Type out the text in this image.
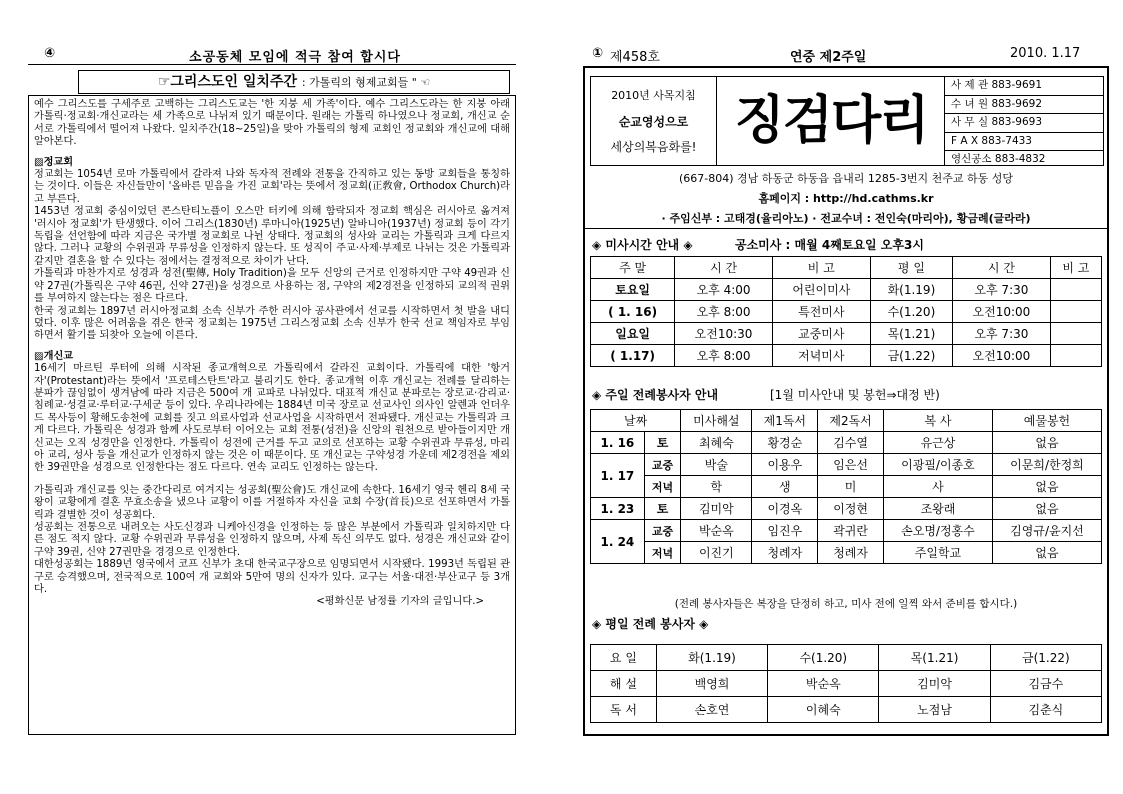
④	소공동체 모임에 적극 참여 합시다
☞그리스도인 일치주간 : 가톨릭의 형제교회들 " ☜

예수 그리스도를 구세주로 고백하는 그리스도교는 '한 지붕 세 가족'이다. 예수 그리스도라는 한 지붕 아래 가톨릭·정교회·개신교라는 세 가족으로 나뉘져 있기 때문이다. 원래는 가톨릭 하나였으나 정교회, 개신교 순서로 가톨릭에서 떨어져 나왔다. 일치주간(18~25일)을 맞아 가톨릭의 형제 교회인 정교회와 개신교에 대해 알아본다.

▨정교회

정교회는 1054년 로마 가톨릭에서 갈라져 나와 독자적 전례와 전통을 간직하고 있는 동방 교회들을 통칭하는 것이다. 이들은 자신들만이 '올바른 믿음을 가진 교회'라는 뜻에서 정교회(正敎會, Orthodox Church)라고 부른다.

1453년 정교회 중심이었던 콘스탄티노플이 오스만 터키에 의해 함락되자 정교회 핵심은 러시아로 옮겨져 '러시아 정교회'가 탄생했다. 이어 그리스(1830년) 루마니아(1925년) 알바니아(1937년) 정교회 등이 각기 독립을 선언함에 따라 지금은 국가별 정교회로 나뉜 상태다. 정교회의 성사와 교리는 가톨릭과 크게 다르지 않다. 그러나 교황의 수위권과 무류성을 인정하지 않는다. 또 성직이 주교·사제·부제로 나뉘는 것은 가톨릭과 같지만 결혼을 할 수 있다는 점에서는 결정적으로 차이가 난다.

가톨릭과 마찬가지로 성경과 성전(聖傳, Holy Tradition)을 모두 신앙의 근거로 인정하지만 구약 49권과 신약 27권(가톨릭은 구약 46권, 신약 27권)을 성경으로 사용하는 점, 구약의 제2경전을 인정하되 교의적 권위를 부여하지 않는다는 점은 다르다.

한국 정교회는 1897년 러시아정교회 소속 신부가 주한 러시아 공사관에서 선교를 시작하면서 첫 발을 내디뎠다. 이후 많은 어려움을 겪은 한국 정교회는 1975년 그리스정교회 소속 신부가 한국 선교 책임자로 부임하면서 활기를 되찾아 오늘에 이른다.

▨개신교

16세기 마르틴 루터에 의해 시작된 종교개혁으로 가톨릭에서 갈라진 교회이다. 가톨릭에 대한 '항거자'(Protestant)라는 뜻에서 '프로테스탄트'라고 불리기도 한다. 종교개혁 이후 개신교는 전례를 달리하는 분파가 끊임없이 생겨남에 따라 지금은 500여 개 교파로 나뉘었다. 대표적 개신교 분파로는 장로교·감리교·침례교·성결교·루터교·구세군 등이 있다. 우리나라에는 1884년 미국 장로교 선교사인 의사인 알렌과 언더우드 목사등이 황해도송천에 교회를 짓고 의료사업과 선교사업을 시작하면서 전파됐다. 개신교는 가톨릭과 크게 다르다. 가톨릭은 성경과 함께 사도로부터 이어오는 교회 전통(성전)을 신앙의 원천으로 받아들이지만 개신교는 오직 성경만을 인정한다. 가톨릭이 성전에 근거를 두고 교의로 선포하는 교황 수위권과 무류성, 마리아 교리, 성사 등을 개신교가 인정하지 않는 것은 이 때문이다. 또 개신교는 구약성경 가운데 제2경전을 제외한 39권만을 성경으로 인정한다는 점도 다르다. 연속 교리도 인정하는 않는다.

가톨릭과 개신교를 잇는 중간다리로 여겨지는 성공회(聖公會)도 개신교에 속한다. 16세기 영국 헨리 8세 국왕이 교황에게 결혼 무효소송을 냈으나 교황이 이를 거절하자 자신을 교회 수장(首長)으로 선포하면서 가톨릭과 결별한 것이 성공회다.

성공회는 전통으로 내려오는 사도신경과 니케아신경을 인정하는 등 많은 부분에서 가톨릭과 일치하지만 다른 점도 적지 않다. 교황 수위권과 무류성을 인정하지 않으며, 사제 독신 의무도 없다. 성경은 개신교와 같이 구약 39권, 신약 27권만을 경경으로 인정한다.

대한성공회는 1889년 영국에서 코프 신부가 초대 한국교구장으로 임명되면서 시작됐다. 1993년 독립된 관구로 승격했으며, 전국적으로 100여 개 교회와 5만여 명의 신자가 있다. 교구는 서울·대전·부산교구 등 3개다.

<평화신문 남정률 기자의 글입니다.>

① 제458호	연중 제2주일	2010. 1.17
2010년 사목지침
순교영성으로
세상의복음화를! 징검다리
사 제 관 883-9691
수 녀 원 883-9692
사 무 실 883-9693
F A X 883-7433
영신공소 883-4832
(667-804) 경남 하동군 하동읍 읍내리 1285-3번지 천주교 하동 성당
홈페이지 : http://hd.cathms.kr
· 주임신부 : 고태경(율리아노) · 전교수녀 : 전인숙(마리아), 황금례(글라라)
◈ 미사시간 안내 ◈	공소미사 : 매월 4째토요일 오후3시
주 말	시 간	비 고	평 일	시 간	비 고
토요일	오후 4:00	어린이미사	화(1.19)	오후 7:30	
( 1. 16)	오후 8:00	특전미사	수(1.20)	오전10:00	
일요일	오전10:30	교중미사	목(1.21)	오후 7:30	
( 1.17)	오후 8:00	저녁미사	금(1.22)	오전10:00	
◈ 주일 전례봉사자 안내	[1월 미사안내 및 봉헌⇒대정 반)
날짜		미사해설	제1독서	제2독서	복 사	예물봉헌
1. 16	토	최혜숙	황경순	김수열	유근상	없음
1. 17	교중	박술	이용우	임은선	이광필/이종호	이문희/한정희
	저녁	학	생	미	사	없음
1. 23	토	김미악	이경옥	이정현	조왕래	없음
1. 24	교중	박순옥	임진우	곽귀란	손오명/정홍수	김영규/윤지선
	저녁	이진기	청례자	청례자	주일학교	없음
(전례 봉사자들은 복장을 단정히 하고, 미사 전에 일찍 와서 준비를 합시다.)
◈ 평일 전례 봉사자 ◈
요 일	화(1.19)	수(1.20)	목(1.21)	금(1.22)
해 설	백영희	박순옥	김미악	김금수
독 서	손호연	이혜숙	노점남	김춘식
